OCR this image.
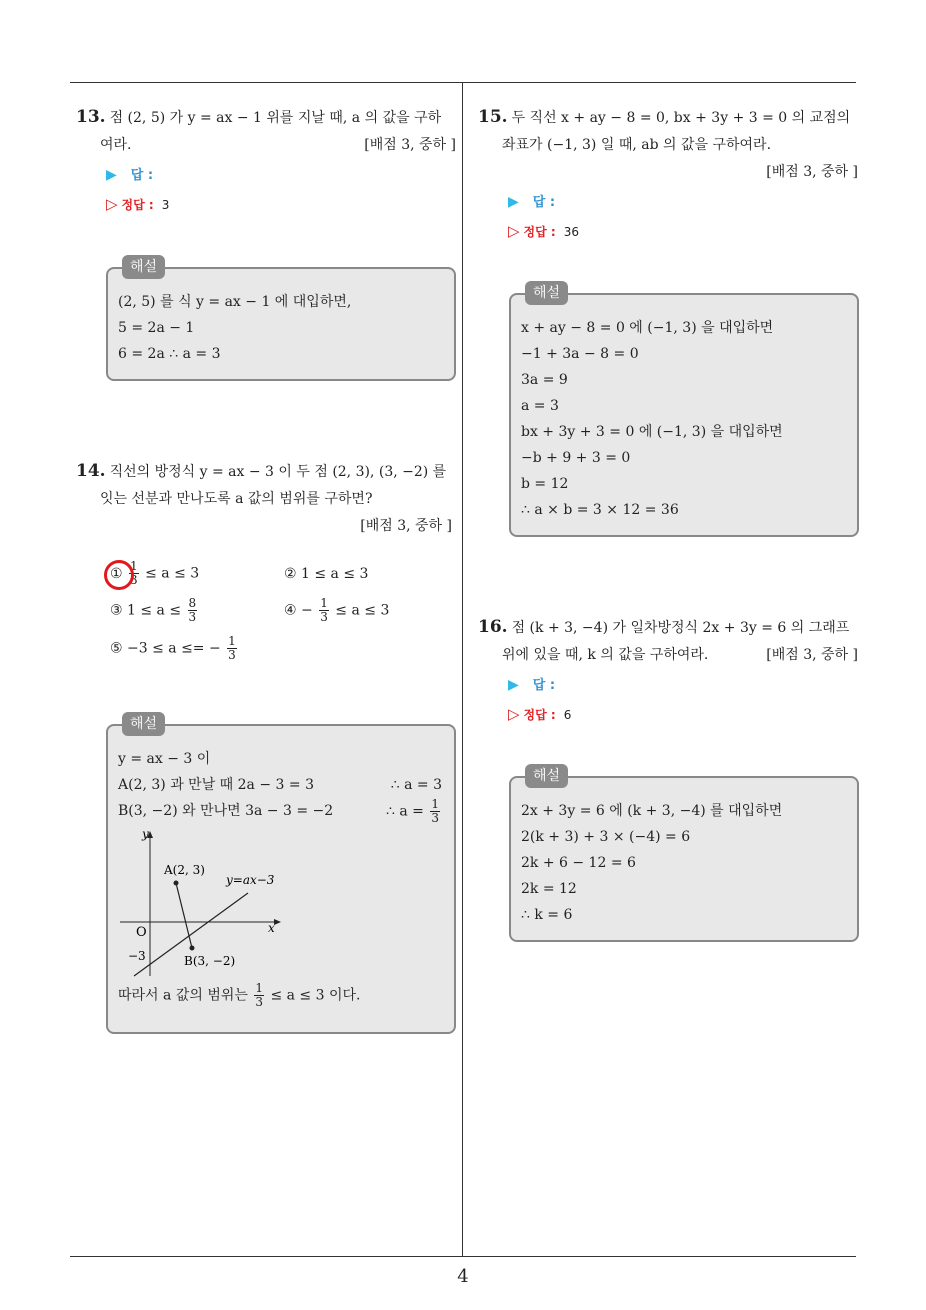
13. 점 (2, 5) 가 y = ax − 1 위를 지날 때, a 의 값을 구하
여라.	[배점 3, 중하 ]
▶ 답 :
▷ 정답 : 3
해설
(2, 5) 를 식 y = ax − 1 에 대입하면,
5 = 2a − 1
6 = 2a ∴ a = 3
14. 직선의 방정식 y = ax − 3 이 두 점 (2, 3), (3, −2) 를
잇는 선분과 만나도록 a 값의 범위를 구하면?
[배점 3, 중하 ]
① $\frac{1}{3} \le a \le 3$	② 1 ≤ a ≤ 3
③ $1 \le a \le \frac{8}{3}$	④ − $\frac{1}{3} \le a \le 3$
⑤ −3 ≤ a ≤= − $\frac{1}{3}$
해설
y = ax − 3 이
A(2, 3) 과 만날 때 2a − 3 = 3	∴ a = 3
B(3, −2) 와 만나면 3a − 3 = −2	∴ $a = \frac{1}{3}$
y
x
O
−3
A(2, 3)
B(3, −2)
y=ax−3
따라서 a 값의 범위는 $\frac{1}{3} \le a \le 3$ 이다.
15. 두 직선 x + ay − 8 = 0, bx + 3y + 3 = 0 의 교점의
좌표가 (−1, 3) 일 때, ab 의 값을 구하여라.
[배점 3, 중하 ]
▶ 답 :
▷ 정답 : 36
해설
x + ay − 8 = 0 에 (−1, 3) 을 대입하면
−1 + 3a − 8 = 0
3a = 9
a = 3
bx + 3y + 3 = 0 에 (−1, 3) 을 대입하면
−b + 9 + 3 = 0
b = 12
∴ a × b = 3 × 12 = 36
16. 점 (k + 3, −4) 가 일차방정식 2x + 3y = 6 의 그래프
위에 있을 때, k 의 값을 구하여라.	[배점 3, 중하 ]
▶ 답 :
▷ 정답 : 6
해설
2x + 3y = 6 에 (k + 3, −4) 를 대입하면
2(k + 3) + 3 × (−4) = 6
2k + 6 − 12 = 6
2k = 12
∴ k = 6
4
